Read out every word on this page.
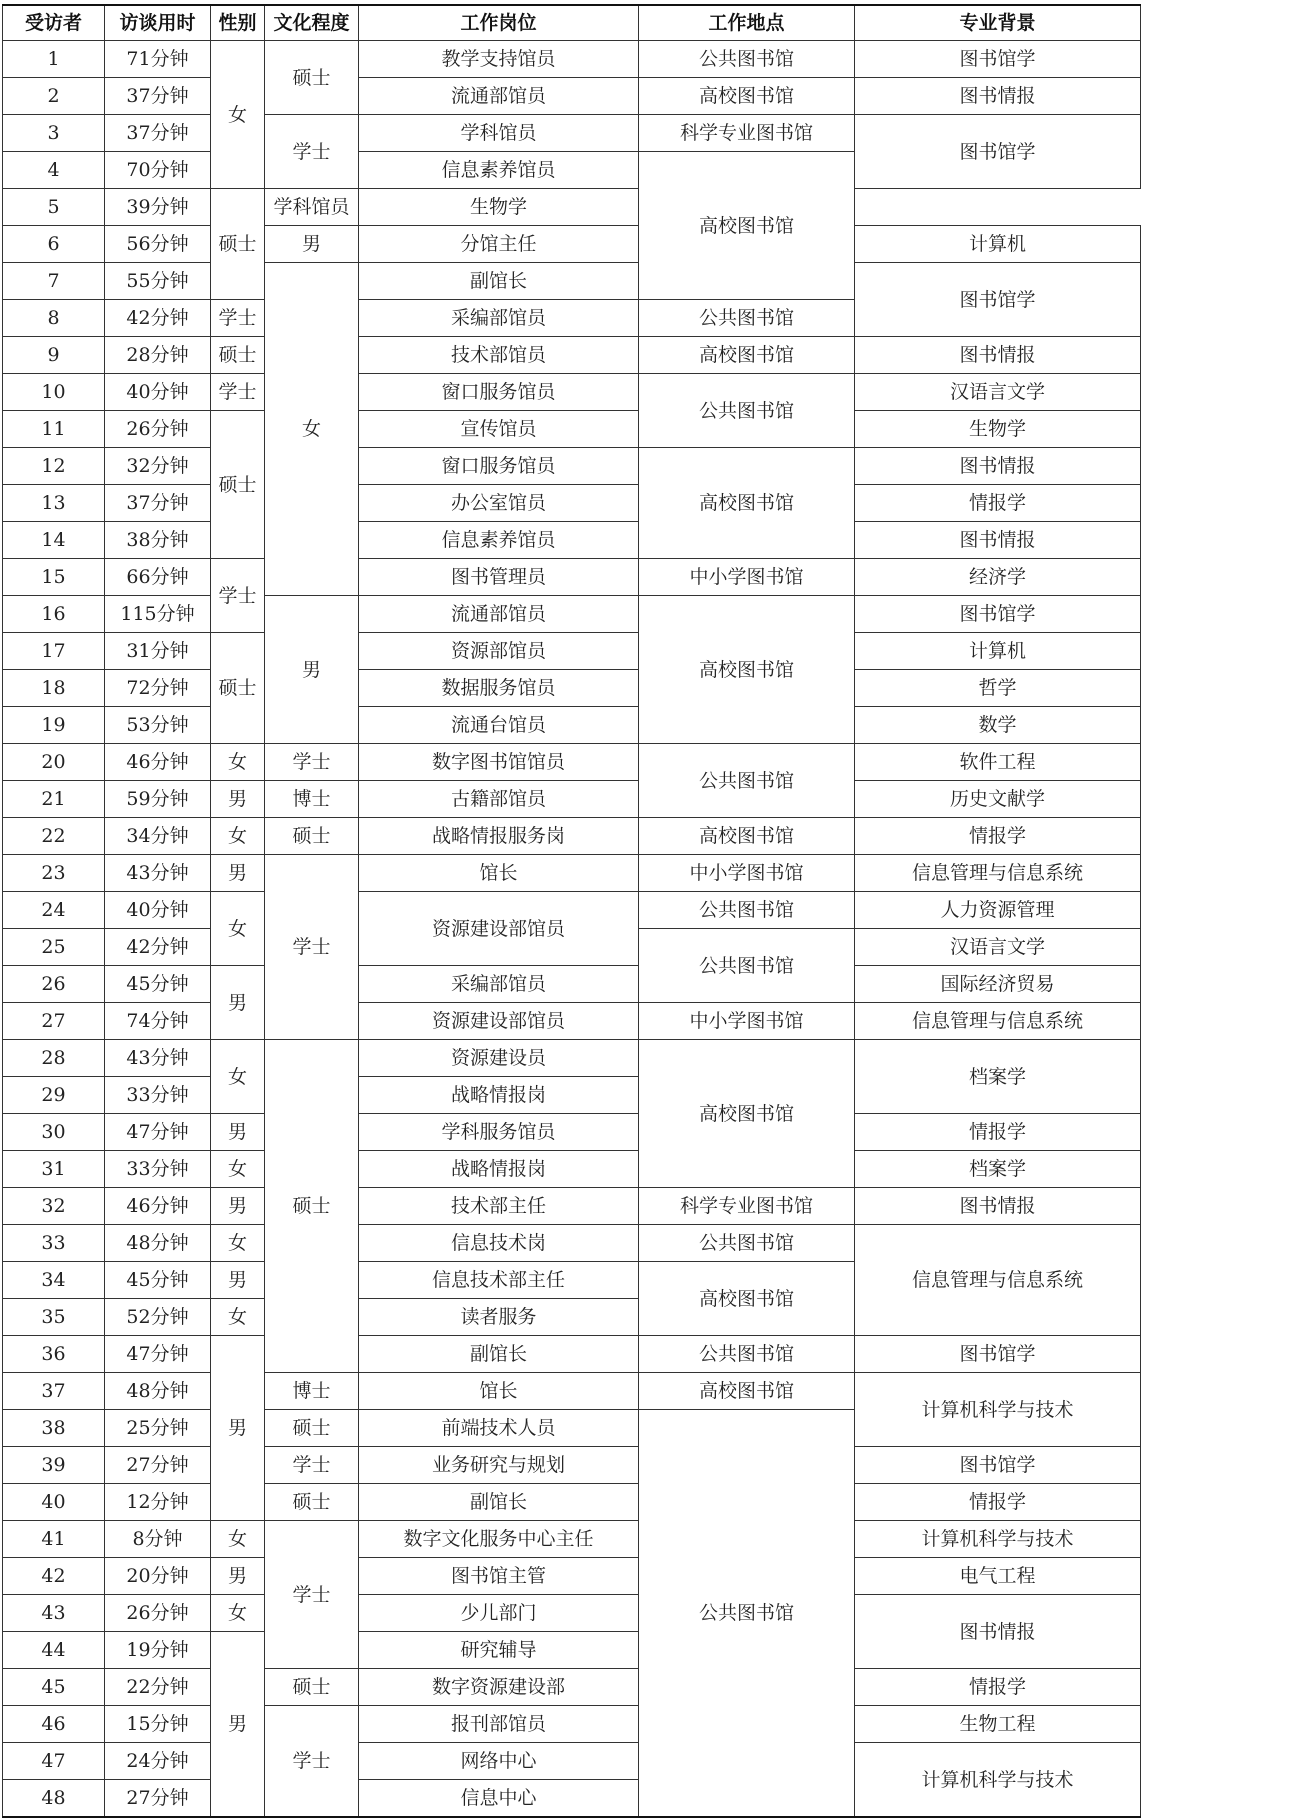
受访者	访谈用时	性别	文化程度	工作岗位	工作地点	专业背景
1	71分钟	女	硕士	教学支持馆员	公共图书馆	图书馆学
2	37分钟			流通部馆员	高校图书馆	图书情报
3	37分钟		学士	学科馆员	科学专业图书馆	图书馆学
4	70分钟			信息素养馆员	高校图书馆	
5	39分钟	硕士	学科馆员	生物学		
6	56分钟		男	分馆主任		计算机
7	55分钟		女	副馆长		图书馆学
8	42分钟	学士		采编部馆员	公共图书馆	
9	28分钟	硕士		技术部馆员	高校图书馆	图书情报
10	40分钟	学士		窗口服务馆员	公共图书馆	汉语言文学
11	26分钟	硕士		宣传馆员		生物学
12	32分钟			窗口服务馆员	高校图书馆	图书情报
13	37分钟			办公室馆员		情报学
14	38分钟			信息素养馆员		图书情报
15	66分钟	学士		图书管理员	中小学图书馆	经济学
16	115分钟		男	流通部馆员	高校图书馆	图书馆学
17	31分钟	硕士		资源部馆员		计算机
18	72分钟			数据服务馆员		哲学
19	53分钟			流通台馆员		数学
20	46分钟	女	学士	数字图书馆馆员	公共图书馆	软件工程
21	59分钟	男	博士	古籍部馆员		历史文献学
22	34分钟	女	硕士	战略情报服务岗	高校图书馆	情报学
23	43分钟	男	学士	馆长	中小学图书馆	信息管理与信息系统
24	40分钟	女		资源建设部馆员	公共图书馆	人力资源管理
25	42分钟				公共图书馆	汉语言文学
26	45分钟	男		采编部馆员		国际经济贸易
27	74分钟			资源建设部馆员	中小学图书馆	信息管理与信息系统
28	43分钟	女	硕士	资源建设员	高校图书馆	档案学
29	33分钟			战略情报岗		
30	47分钟	男		学科服务馆员		情报学
31	33分钟	女		战略情报岗		档案学
32	46分钟	男		技术部主任	科学专业图书馆	图书情报
33	48分钟	女		信息技术岗	公共图书馆	信息管理与信息系统
34	45分钟	男		信息技术部主任	高校图书馆	
35	52分钟	女		读者服务		
36	47分钟	男		副馆长	公共图书馆	图书馆学
37	48分钟		博士	馆长	高校图书馆	计算机科学与技术
38	25分钟		硕士	前端技术人员	公共图书馆	
39	27分钟		学士	业务研究与规划		图书馆学
40	12分钟		硕士	副馆长		情报学
41	8分钟	女	学士	数字文化服务中心主任		计算机科学与技术
42	20分钟	男		图书馆主管		电气工程
43	26分钟	女		少儿部门		图书情报
44	19分钟	男		研究辅导		
45	22分钟		硕士	数字资源建设部		情报学
46	15分钟		学士	报刊部馆员		生物工程
47	24分钟			网络中心		计算机科学与技术
48	27分钟			信息中心		
